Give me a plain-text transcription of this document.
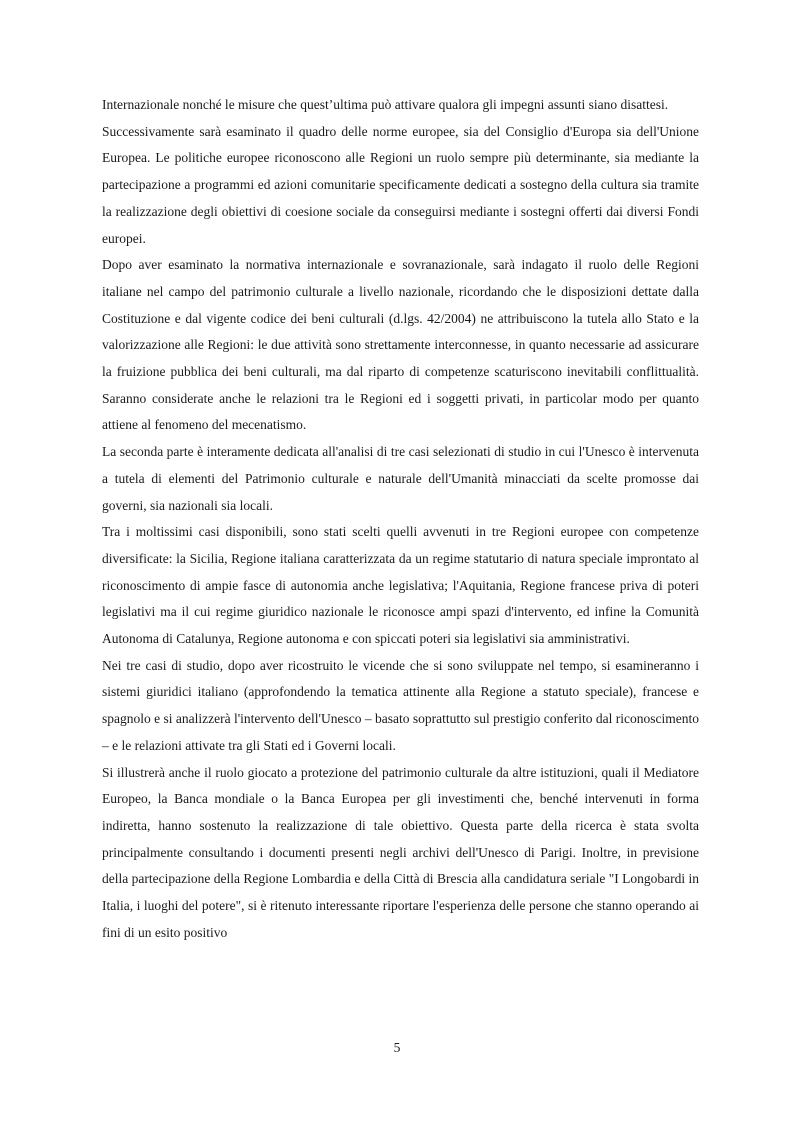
Internazionale nonché le misure che quest’ultima può attivare qualora gli impegni assunti siano disattesi.

Successivamente sarà esaminato il quadro delle norme europee, sia del Consiglio d'Europa sia dell'Unione Europea. Le politiche europee riconoscono alle Regioni un ruolo sempre più determinante, sia mediante la partecipazione a programmi ed azioni comunitarie specificamente dedicati a sostegno della cultura sia tramite la realizzazione degli obiettivi di coesione sociale da conseguirsi mediante i sostegni offerti dai diversi Fondi europei.

Dopo aver esaminato la normativa internazionale e sovranazionale, sarà indagato il ruolo delle Regioni italiane nel campo del patrimonio culturale a livello nazionale, ricordando che le disposizioni dettate dalla Costituzione e dal vigente codice dei beni culturali (d.lgs. 42/2004) ne attribuiscono la tutela allo Stato e la valorizzazione alle Regioni: le due attività sono strettamente interconnesse, in quanto necessarie ad assicurare la fruizione pubblica dei beni culturali, ma dal riparto di competenze scaturiscono inevitabili conflittualità. Saranno considerate anche le relazioni tra le Regioni ed i soggetti privati, in particolar modo per quanto attiene al fenomeno del mecenatismo.

La seconda parte è interamente dedicata all'analisi di tre casi selezionati di studio in cui l'Unesco è intervenuta a tutela di elementi del Patrimonio culturale e naturale dell'Umanità minacciati da scelte promosse dai governi, sia nazionali sia locali.

Tra i moltissimi casi disponibili, sono stati scelti quelli avvenuti in tre Regioni europee con competenze diversificate: la Sicilia, Regione italiana caratterizzata da un regime statutario di natura speciale improntato al riconoscimento di ampie fasce di autonomia anche legislativa; l'Aquitania, Regione francese priva di poteri legislativi ma il cui regime giuridico nazionale le riconosce ampi spazi d'intervento, ed infine la Comunità Autonoma di Catalunya, Regione autonoma e con spiccati poteri sia legislativi sia amministrativi.

Nei tre casi di studio, dopo aver ricostruito le vicende che si sono sviluppate nel tempo, si esamineranno i sistemi giuridici italiano (approfondendo la tematica attinente alla Regione a statuto speciale), francese e spagnolo e si analizzerà l'intervento dell'Unesco – basato soprattutto sul prestigio conferito dal riconoscimento – e le relazioni attivate tra gli Stati ed i Governi locali.

Si illustrerà anche il ruolo giocato a protezione del patrimonio culturale da altre istituzioni, quali il Mediatore Europeo, la Banca mondiale o la Banca Europea per gli investimenti che, benché intervenuti in forma indiretta, hanno sostenuto la realizzazione di tale obiettivo. Questa parte della ricerca è stata svolta principalmente consultando i documenti presenti negli archivi dell'Unesco di Parigi. Inoltre, in previsione della partecipazione della Regione Lombardia e della Città di Brescia alla candidatura seriale "I Longobardi in Italia, i luoghi del potere", si è ritenuto interessante riportare l'esperienza delle persone che stanno operando ai fini di un esito positivo

5
